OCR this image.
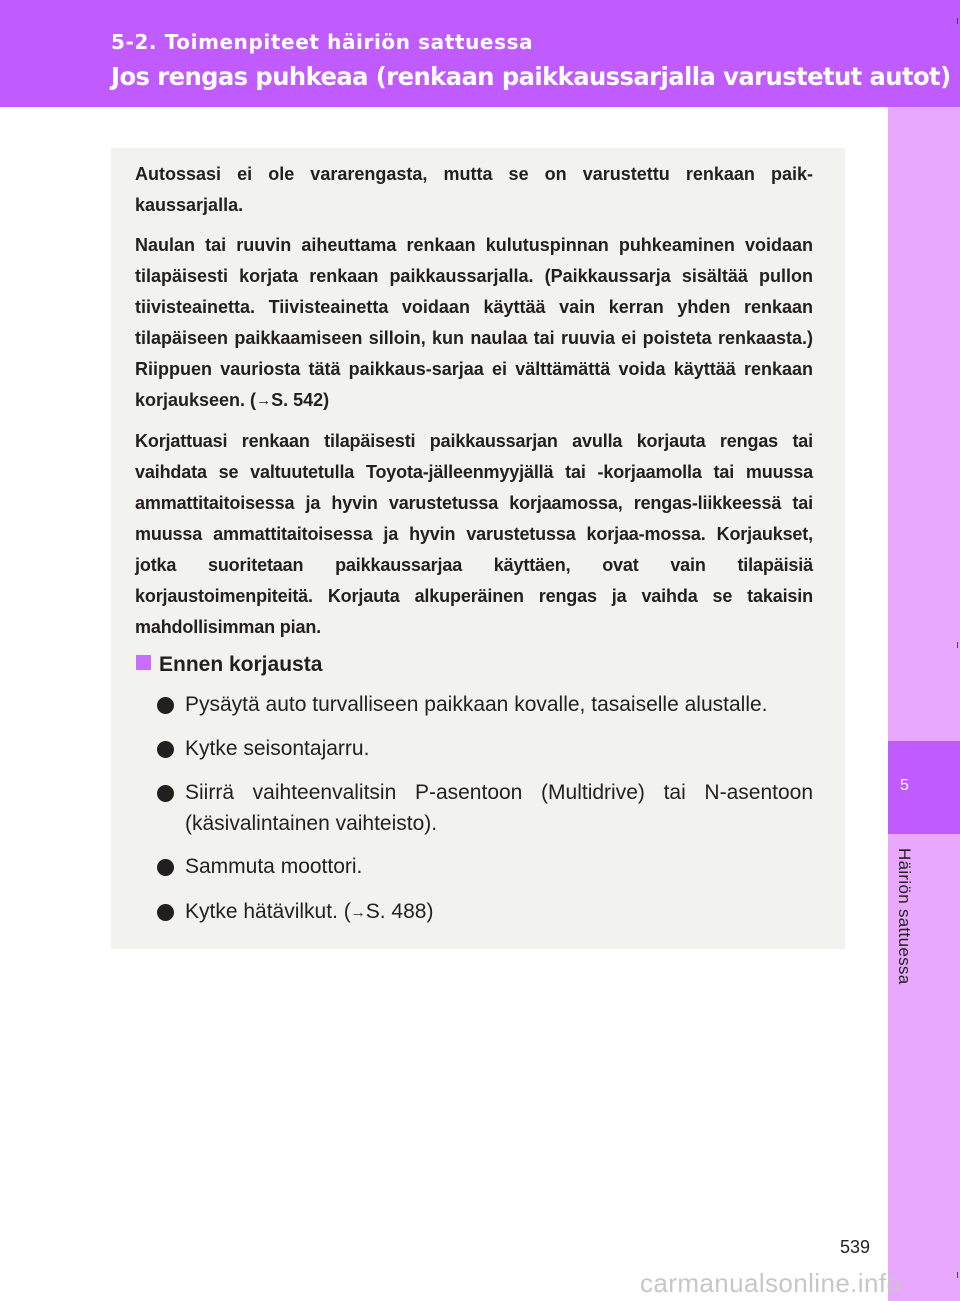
5-2. Toimenpiteet häiriön sattuessa
Jos rengas puhkeaa (renkaan paikkaussarjalla varustetut autot)
Häiriön sattuessa
5
Autossasi ei ole vararengasta, mutta se on varustettu renkaan paik-kaussarjalla.
Naulan tai ruuvin aiheuttama renkaan kulutuspinnan puhkeaminen voidaan tilapäisesti korjata renkaan paikkaussarjalla. (Paikkaussarja sisältää pullon tiivisteainetta. Tiivisteainetta voidaan käyttää vain kerran yhden renkaan tilapäiseen paikkaamiseen silloin, kun naulaa tai ruuvia ei poisteta renkaasta.) Riippuen vauriosta tätä paikkaus-sarjaa ei välttämättä voida käyttää renkaan korjaukseen. (→S. 542)
Korjattuasi renkaan tilapäisesti paikkaussarjan avulla korjauta rengas tai vaihdata se valtuutetulla Toyota-jälleenmyyjällä tai -korjaamolla tai muussa ammattitaitoisessa ja hyvin varustetussa korjaamossa, rengas-liikkeessä tai muussa ammattitaitoisessa ja hyvin varustetussa korjaa-mossa. Korjaukset, jotka suoritetaan paikkaussarjaa käyttäen, ovat vain tilapäisiä korjaustoimenpiteitä. Korjauta alkuperäinen rengas ja vaihda se takaisin mahdollisimman pian.
Ennen korjausta
Pysäytä auto turvalliseen paikkaan kovalle, tasaiselle alustalle.
Kytke seisontajarru.
Siirrä vaihteenvalitsin P-asentoon (Multidrive) tai N-asentoon (käsivalintainen vaihteisto).
Sammuta moottori.
Kytke hätävilkut. (→S. 488)
539
carmanualsonline.info
